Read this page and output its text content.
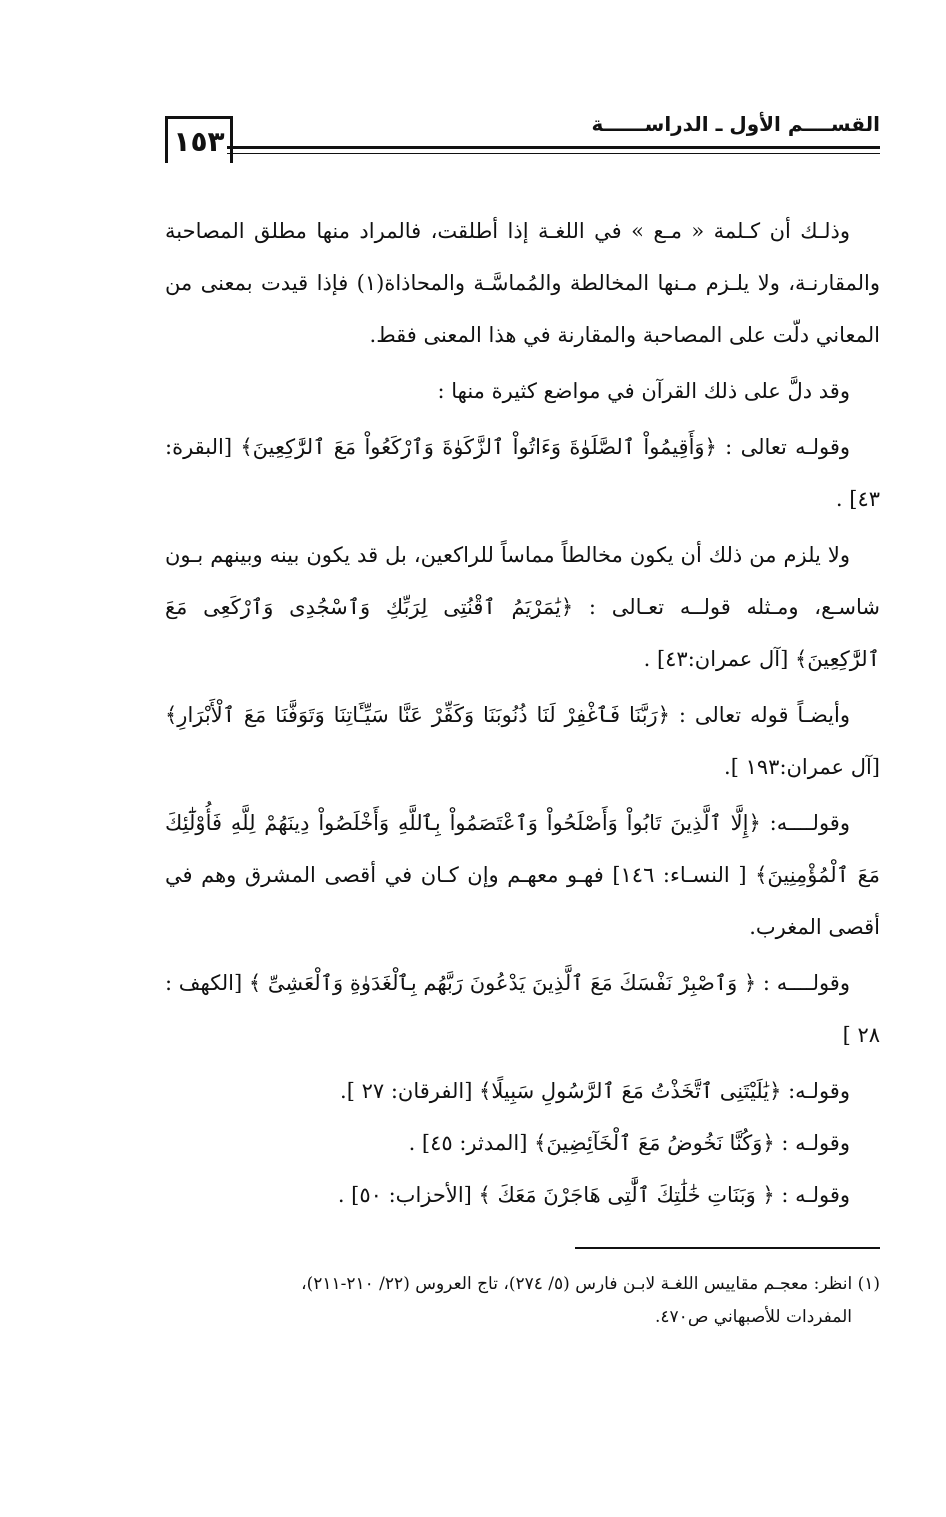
١٥٣
القســــم الأول ـ الدراســــــة

وذلـك أن كـلمة « مـع » في اللغـة إذا أطلقت، فالمراد منها مطلق المصاحبة والمقارنـة، ولا يلـزم مـنها المخالطة والمُماسَّـة والمحاذاة(١) فإذا قيدت بمعنى من المعاني دلّت على المصاحبة والمقارنة في هذا المعنى فقط.

وقد دلَّ على ذلك القرآن في مواضع كثيرة منها :

وقولـه تعالى : ﴿وَأَقِيمُواْ ٱلصَّلَوٰةَ وَءَاتُواْ ٱلزَّكَوٰةَ وَٱرْكَعُواْ مَعَ ٱلرَّٰكِعِينَ﴾ [البقرة: ٤٣] .

ولا يلزم من ذلك أن يكون مخالطاً مماساً للراكعين، بل قد يكون بينه وبينهم بـون شاسـع، ومـثله قولــه تعـالى : ﴿يَٰمَرْيَمُ ٱقْنُتِى لِرَبِّكِ وَٱسْجُدِى وَٱرْكَعِى مَعَ ٱلرَّٰكِعِينَ﴾ [آل عمران:٤٣] .

وأيضـاً قوله تعالى : ﴿رَبَّنَا فَٱغْفِرْ لَنَا ذُنُوبَنَا وَكَفِّرْ عَنَّا سَيِّـَٔاتِنَا وَتَوَفَّنَا مَعَ ٱلْأَبْرَارِ﴾ [آل عمران:١٩٣ ].

وقولــــه: ﴿إِلَّا ٱلَّذِينَ تَابُواْ وَأَصْلَحُواْ وَٱعْتَصَمُواْ بِٱللَّهِ وَأَخْلَصُواْ دِينَهُمْ لِلَّهِ فَأُوْلَٰٓئِكَ مَعَ ٱلْمُؤْمِنِينَ﴾ [ النسـاء: ١٤٦] فهـو معهـم وإن كـان في أقصى المشرق وهم في أقصى المغرب.

وقولــــه : ﴿ وَٱصْبِرْ نَفْسَكَ مَعَ ٱلَّذِينَ يَدْعُونَ رَبَّهُم بِٱلْغَدَوٰةِ وَٱلْعَشِىِّ ﴾ [الكهف : ٢٨ ]

وقولـه: ﴿يَٰلَيْتَنِى ٱتَّخَذْتُ مَعَ ٱلرَّسُولِ سَبِيلًا﴾ [الفرقان: ٢٧ ].

وقولـه : ﴿وَكُنَّا نَخُوضُ مَعَ ٱلْخَآئِضِينَ﴾ [المدثر: ٤٥] .

وقولـه : ﴿ وَبَنَاتِ خَٰلَٰتِكَ ٱلَّٰتِى هَاجَرْنَ مَعَكَ ﴾ [الأحزاب: ٥٠] .

(١) انظر: معجـم مقاييس اللغـة لابـن فارس (٥/ ٢٧٤)، تاج العروس (٢٢/ ٢١٠-٢١١)،
المفردات للأصبهاني ص٤٧٠.
